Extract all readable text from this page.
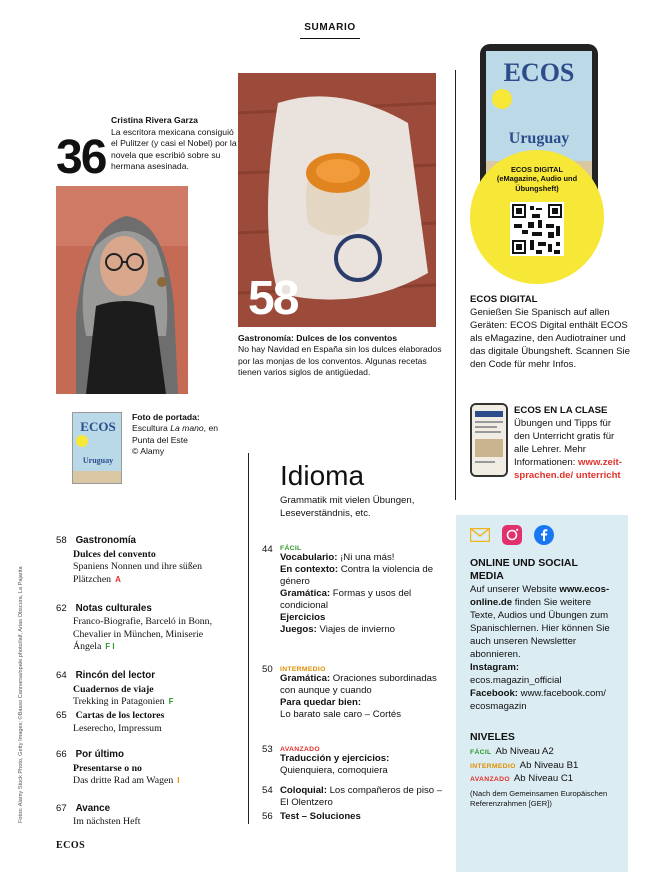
SUMARIO
36
Cristina Rivera Garza
La escritora mexicana consiguió el Pulitzer (y casi el Nobel) por la novela que escribió sobre su hermana asesinada.
58
Gastronomía: Dulces de los conventos
No hay Navidad en España sin los dulces elaborados por las monjas de los conventos. Algunas recetas tienen varios siglos de antigüedad.
ECOS
Uruguay
Foto de portada:
Escultura La mano, en Punta del Este
© Alamy
ECOS
Uruguay
ECOS DIGITAL
(eMagazine, Audio und Übungsheft)
ECOS DIGITAL
Genießen Sie Spanisch auf allen Geräten: ECOS Digital enthält ECOS als eMagazine, den Audiotrainer und das digitale Übungsheft. Scannen Sie den Code für mehr Infos.
ECOS EN LA CLASE
Übungen und Tipps für den Unterricht gratis für alle Lehrer. Mehr Informationen: www.zeit-sprachen.de/ unterricht
ONLINE UND SOCIAL MEDIA
Auf unserer Website www.ecos-online.de finden Sie weitere Texte, Audios und Übungen zum Spanischlernen. Hier können Sie auch unseren Newsletter abonnieren.
Instagram:
ecos.magazin_official
Facebook: www.facebook.com/ ecosmagazin
NIVELES
FÁCIL Ab Niveau A2
INTERMEDIO Ab Niveau B1
AVANZADO Ab Niveau C1
(Nach dem Gemeinsamen Europäischen Referenzrahmen [GER])
Idioma
Grammatik mit vielen Übungen, Leseverständnis, etc.
44 FÁCIL
Vocabulario: ¡Ni una más!
En contexto: Contra la violencia de género
Gramática: Formas y usos del condicional
Ejercicios
Juegos: Viajes de invierno
50 INTERMEDIO
Gramática: Oraciones subordinadas con aunque y cuando
Para quedar bien:
Lo barato sale caro – Cortés
53 AVANZADO
Traducción y ejercicios:
Quienquiera, comoquiera
54 Coloquial: Los compañeros de piso – El Olentzero
56 Test – Soluciones
58 Gastronomía
Dulces del convento
Spaniens Nonnen und ihre süßen Plätzchen A
62 Notas culturales
Franco-Biografie, Barceló in Bonn, Chevalier in München, Miniserie Ángela F I
64 Rincón del lector
Cuadernos de viaje
Trekking in Patagonien F
65 Cartas de los lectores
Leserecho, Impressum
66 Por último
Presentarse o no
Das dritte Rad am Wagen I
67 Avance
Im nächsten Heft
Fotos: Alamy Stock Photo, Getty Images; ©Basso Cannarsa/opale.photo/laif, Arias Obscura, La Pajarita
ECOS
